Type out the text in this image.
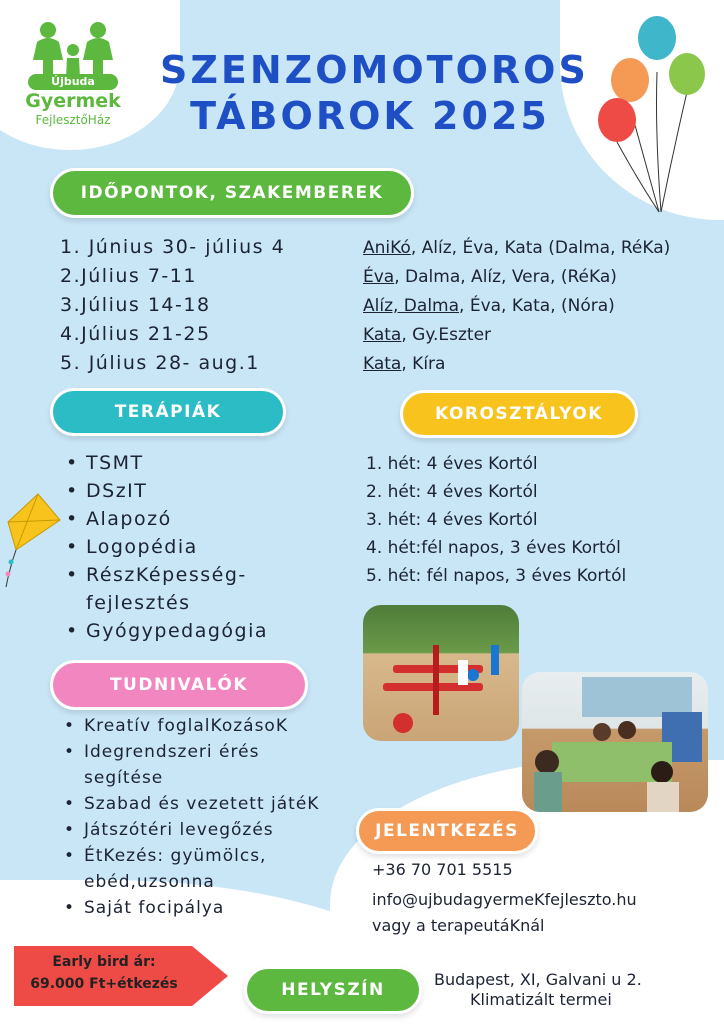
Újbuda
Gyermek
FejlesztőHáz
SZENZOMOTOROS
TÁBOROK 2025
IDŐPONTOK, SZAKEMBEREK
1. Június 30- július 4
2.Július 7-11
3.Július 14-18
4.Július 21-25
5. Július 28- aug.1
AniKó, Alíz, Éva, Kata (Dalma, RéKa)
Éva, Dalma, Alíz, Vera, (RéKa)
Alíz, Dalma, Éva, Kata, (Nóra)
Kata, Gy.Eszter
Kata, Kíra
TERÁPIÁK
• TSMT
• DSzIT
• Alapozó
• Logopédia
• RészKépesség-
fejlesztés
• Gyógypedagógia
KOROSZTÁLYOK
1. hét: 4 éves Kortól
2. hét: 4 éves Kortól
3. hét: 4 éves Kortól
4. hét:fél napos, 3 éves Kortól
5. hét: fél napos, 3 éves Kortól
TUDNIVALÓK
• Kreatív foglalKozásoK
• Idegrendszeri érés
segítése
• Szabad és vezetett játéK
• Játszótéri levegőzés
• ÉtKezés: gyümölcs,
ebéd,uzsonna
• Saját focipálya
JELENTKEZÉS
+36 70 701 5515
info@ujbudagyermeKfejleszto.hu
vagy a terapeutáKnál
Early bird ár:
69.000 Ft+étkezés	HELYSZÍN
Budapest, XI, Galvani u 2.
Klimatizált termei
